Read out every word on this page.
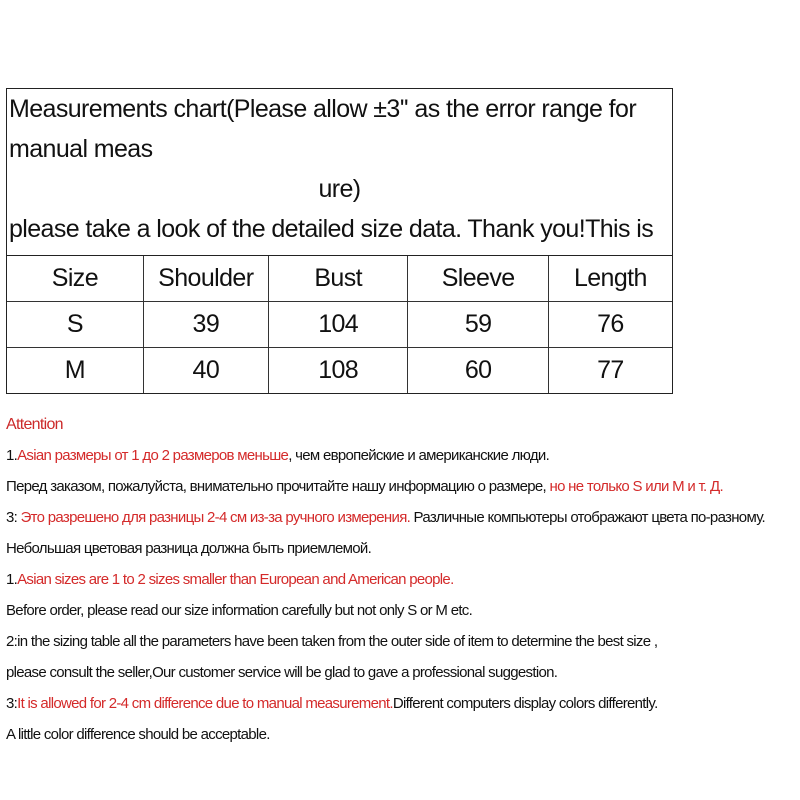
Measurements chart(Please allow ±3'' as the error range for manual meas
ure)
please take a look of the detailed size data. Thank you!This is
Size	Shoulder	Bust	Sleeve	Length
S	39	104	59	76
M	40	108	60	77
Attention
1.Asian размеры от 1 до 2 размеров меньше, чем европейские и американские люди.
Перед заказом, пожалуйста, внимательно прочитайте нашу информацию о размере, но не только S или M и т. Д.
3: Это разрешено для разницы 2-4 см из-за ручного измерения. Различные компьютеры отображают цвета по-разному.
Небольшая цветовая разница должна быть приемлемой.
1.Asian sizes are 1 to 2 sizes smaller than European and American people.
Before order, please read our size information carefully but not only S or M etc.
2:in the sizing table all the parameters have been taken from the outer side of item to determine the best size ,
please consult the seller,Our customer service will be glad to gave a professional suggestion.
3:It is allowed for 2-4 cm difference due to manual measurement.Different computers display colors differently.
A little color difference should be acceptable.
